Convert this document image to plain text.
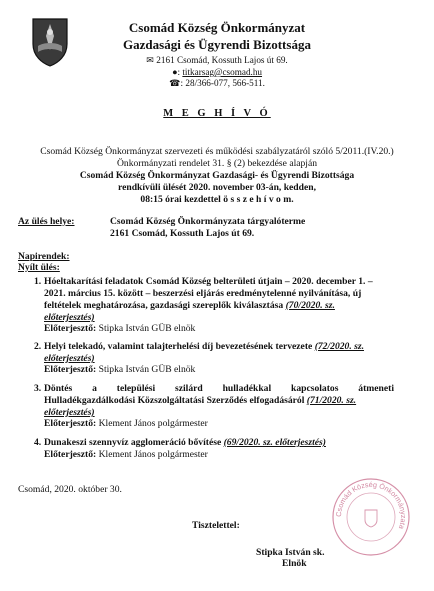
Csomád Község Önkormányzat
Gazdasági és Ügyrendi Bizottsága
✉ 2161 Csomád, Kossuth Lajos út 69.
●: titkarsag@csomad.hu
☎: 28/366-077, 566-511.
M E G H Í V Ó
Csomád Község Önkormányzat szervezeti és működési szabályzatáról szóló 5/2011.(IV.20.)
Önkormányzati rendelet 31. § (2) bekezdése alapján
Csomád Község Önkormányzat Gazdasági- és Ügyrendi Bizottsága
rendkívüli ülését 2020. november 03-án, kedden,
08:15 órai kezdettel ö s s z e h í v o m.
Az ülés helye:	Csomád Község Önkormányzata tárgyalóterme
2161 Csomád, Kossuth Lajos út 69.
Napirendek:
Nyílt ülés:
1. Hóeltakarítási feladatok Csomád Község belterületi útjain – 2020. december 1. –
2021. március 15. között – beszerzési eljárás eredménytelenné nyilvánítása, új
feltételek meghatározása, gazdasági szereplők kiválasztása (70/2020. sz.
előterjesztés)
Előterjesztő: Stipka István GÜB elnök
2. Helyi telekadó, valamint talajterhelési díj bevezetésének tervezete (72/2020. sz.
előterjesztés)
Előterjesztő: Stipka István GÜB elnök
3. Döntés a települési szilárd hulladékkal kapcsolatos átmeneti
Hulladékgazdálkodási Közszolgáltatási Szerződés elfogadásáról (71/2020. sz.
előterjesztés)
Előterjesztő: Klement János polgármester
4. Dunakeszi szennyvíz agglomeráció bővítése (69/2020. sz. előterjesztés)
Előterjesztő: Klement János polgármester
Csomád, 2020. október 30.
Tisztelettel:
Csomád Község Önkormányzata
Stipka István sk.
Elnök
